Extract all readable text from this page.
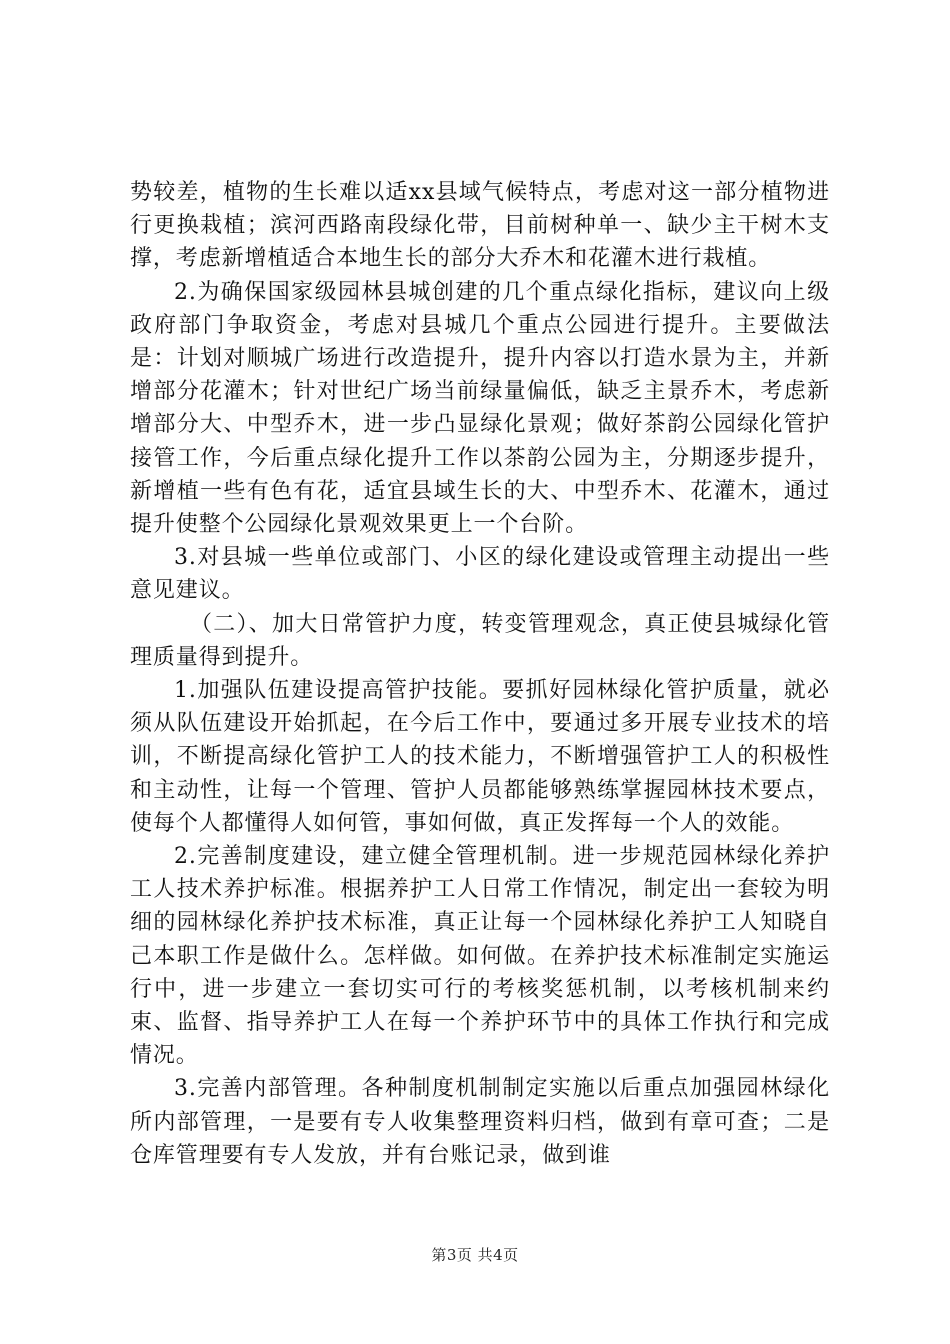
势较差，植物的生长难以适xx县域气候特点，考虑对这一部分植物进行更换栽植；滨河西路南段绿化带，目前树种单一、缺少主干树木支撑，考虑新增植适合本地生长的部分大乔木和花灌木进行栽植。

2.为确保国家级园林县城创建的几个重点绿化指标，建议向上级政府部门争取资金，考虑对县城几个重点公园进行提升。主要做法是：计划对顺城广场进行改造提升，提升内容以打造水景为主，并新增部分花灌木；针对世纪广场当前绿量偏低，缺乏主景乔木，考虑新增部分大、中型乔木，进一步凸显绿化景观；做好茶韵公园绿化管护接管工作，今后重点绿化提升工作以茶韵公园为主，分期逐步提升，新增植一些有色有花，适宜县域生长的大、中型乔木、花灌木，通过提升使整个公园绿化景观效果更上一个台阶。

3.对县城一些单位或部门、小区的绿化建设或管理主动提出一些意见建议。

（二）、加大日常管护力度，转变管理观念，真正使县城绿化管理质量得到提升。

1.加强队伍建设提高管护技能。要抓好园林绿化管护质量，就必须从队伍建设开始抓起，在今后工作中，要通过多开展专业技术的培训，不断提高绿化管护工人的技术能力，不断增强管护工人的积极性和主动性，让每一个管理、管护人员都能够熟练掌握园林技术要点，使每个人都懂得人如何管，事如何做，真正发挥每一个人的效能。

2.完善制度建设，建立健全管理机制。进一步规范园林绿化养护工人技术养护标准。根据养护工人日常工作情况，制定出一套较为明细的园林绿化养护技术标准，真正让每一个园林绿化养护工人知晓自己本职工作是做什么。怎样做。如何做。在养护技术标准制定实施运行中，进一步建立一套切实可行的考核奖惩机制，以考核机制来约束、监督、指导养护工人在每一个养护环节中的具体工作执行和完成情况。

3.完善内部管理。各种制度机制制定实施以后重点加强园林绿化所内部管理，一是要有专人收集整理资料归档，做到有章可查；二是仓库管理要有专人发放，并有台账记录，做到谁

第3页 共4页
